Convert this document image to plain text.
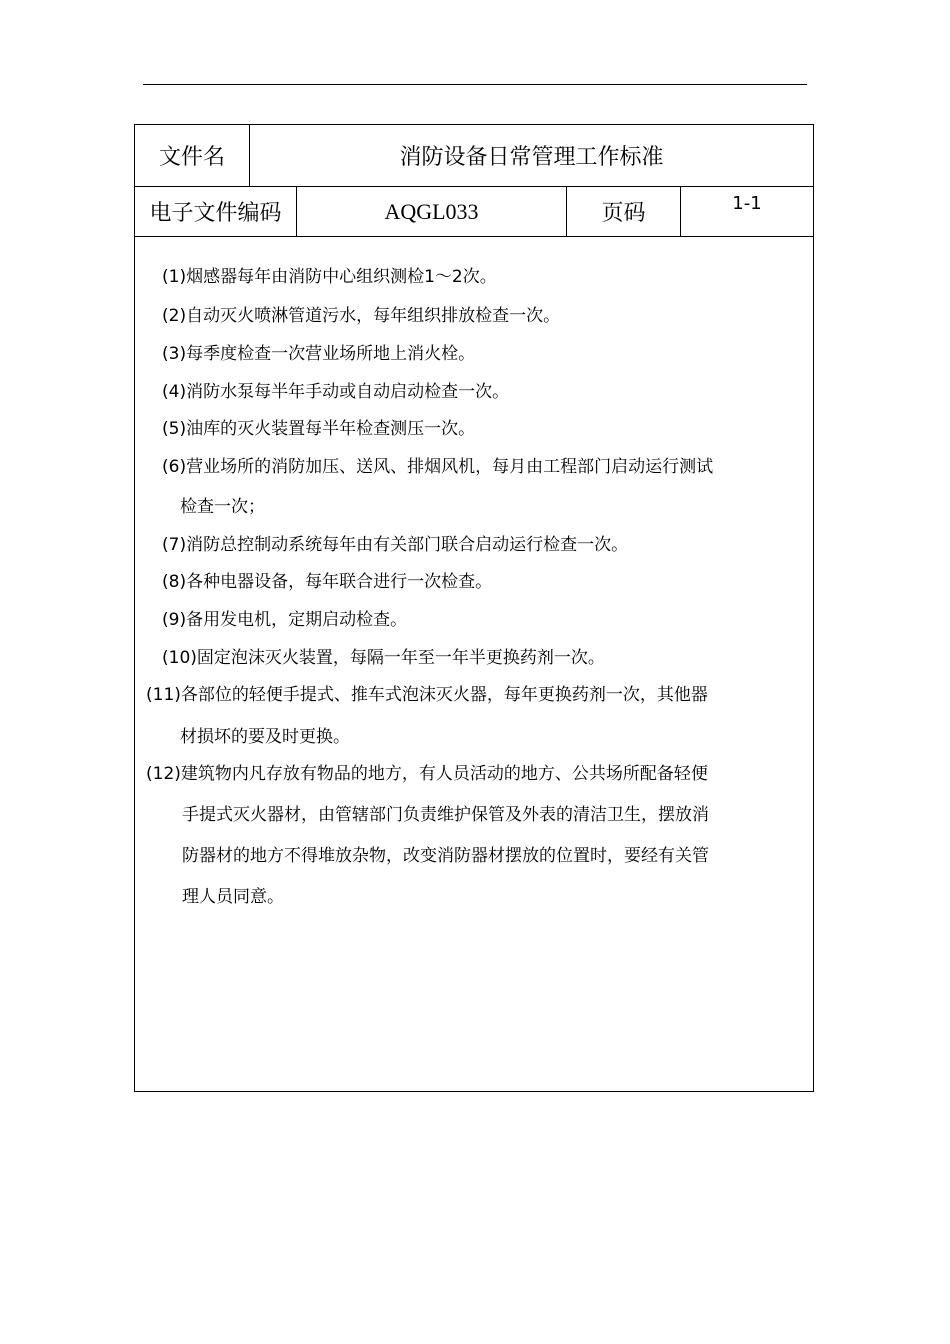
文件名	消防设备日常管理工作标准
电子文件编码	AQGL033	页码	1-1
(1)烟感器每年由消防中心组织测检1～2次。
(2)自动灭火喷淋管道污水，每年组织排放检查一次。
(3)每季度检查一次营业场所地上消火栓。
(4)消防水泵每半年手动或自动启动检查一次。
(5)油库的灭火装置每半年检查测压一次。
(6)营业场所的消防加压、送风、排烟风机，每月由工程部门启动运行测试
检查一次；
(7)消防总控制动系统每年由有关部门联合启动运行检查一次。
(8)各种电器设备，每年联合进行一次检查。
(9)备用发电机，定期启动检查。
(10)固定泡沫灭火装置，每隔一年至一年半更换药剂一次。
(11)各部位的轻便手提式、推车式泡沫灭火器，每年更换药剂一次，其他器
材损坏的要及时更换。
(12)建筑物内凡存放有物品的地方，有人员活动的地方、公共场所配备轻便
手提式灭火器材，由管辖部门负责维护保管及外表的清洁卫生，摆放消
防器材的地方不得堆放杂物，改变消防器材摆放的位置时，要经有关管
理人员同意。
